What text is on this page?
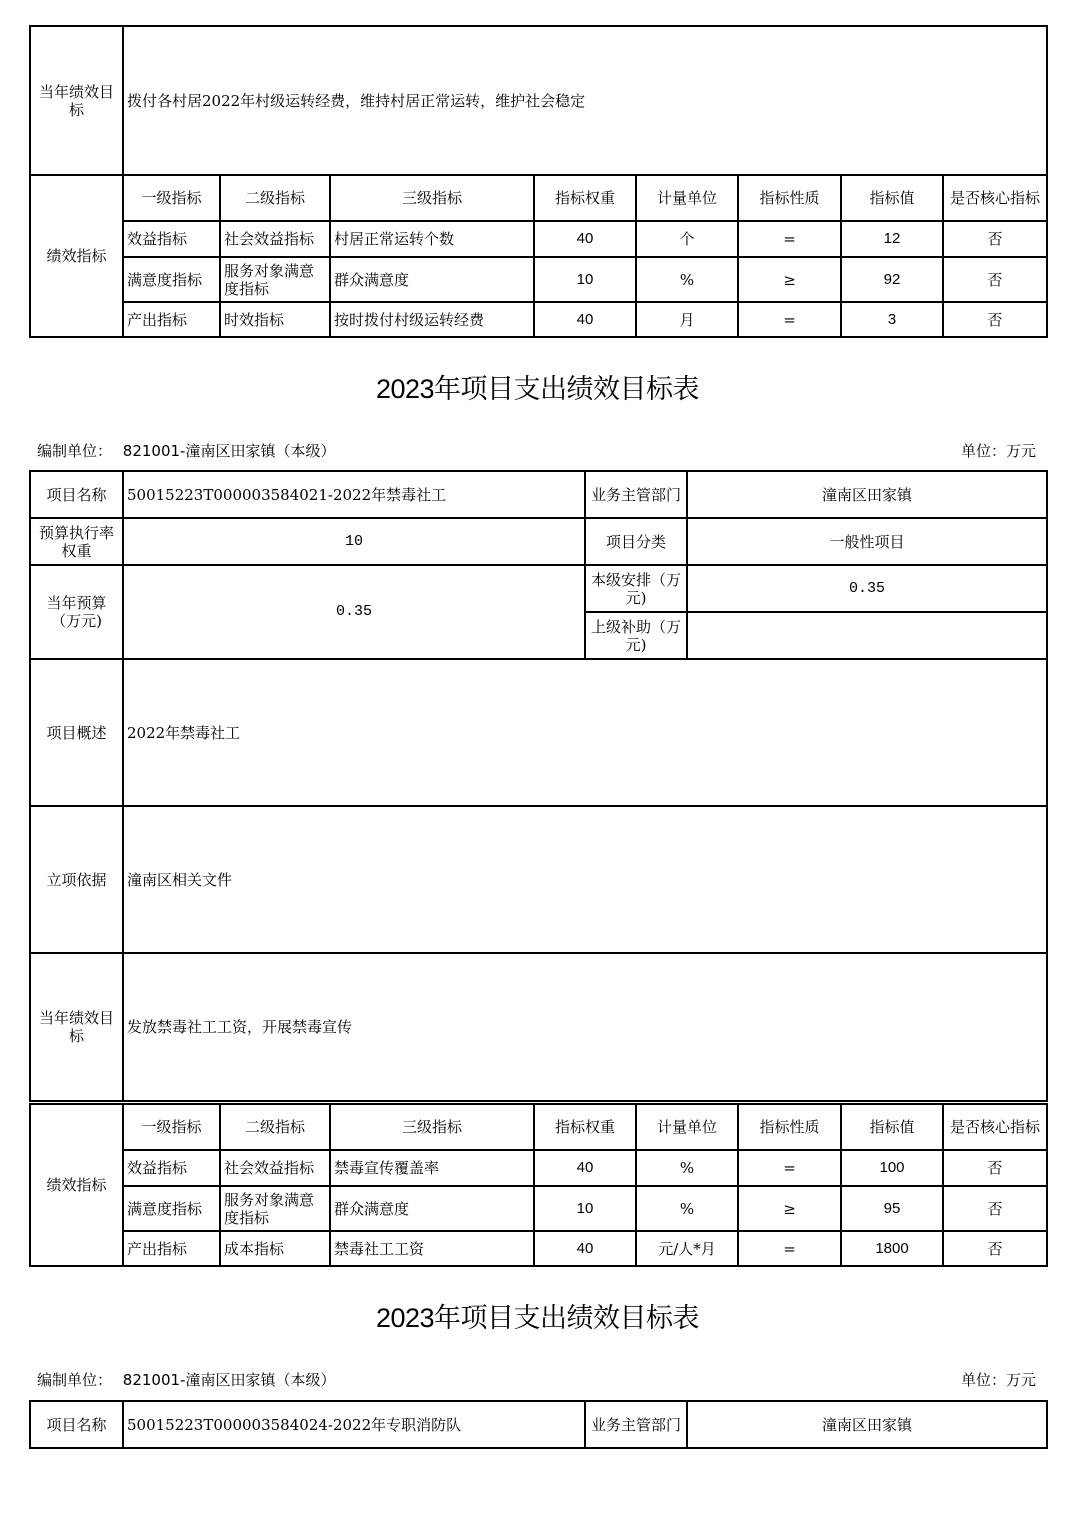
当年绩效目标	拨付各村居2022年村级运转经费，维持村居正常运转，维护社会稳定							
绩效指标	一级指标	二级指标	三级指标	指标权重	计量单位	指标性质	指标值	是否核心指标
	效益指标	社会效益指标	村居正常运转个数	40	个	=	12	否
	满意度指标	服务对象满意度指标	群众满意度	10	%	≥	92	否
	产出指标	时效指标	按时拨付村级运转经费	40	月	=	3	否
2023年项目支出绩效目标表
编制单位： 821001-潼南区田家镇（本级）	单位：万元
项目名称	50015223T000003584021-2022年禁毒社工	业务主管部门	潼南区田家镇
预算执行率权重	10	项目分类	一般性项目
当年预算（万元)	0.35	本级安排（万元)	0.35
		上级补助（万元)	
项目概述	2022年禁毒社工		
立项依据	潼南区相关文件		
当年绩效目标	发放禁毒社工工资，开展禁毒宣传		
绩效指标	一级指标	二级指标	三级指标	指标权重	计量单位	指标性质	指标值	是否核心指标
	效益指标	社会效益指标	禁毒宣传覆盖率	40	%	=	100	否
	满意度指标	服务对象满意度指标	群众满意度	10	%	≥	95	否
	产出指标	成本指标	禁毒社工工资	40	元/人*月	=	1800	否
2023年项目支出绩效目标表
编制单位： 821001-潼南区田家镇（本级）	单位：万元
项目名称	50015223T000003584024-2022年专职消防队	业务主管部门	潼南区田家镇
